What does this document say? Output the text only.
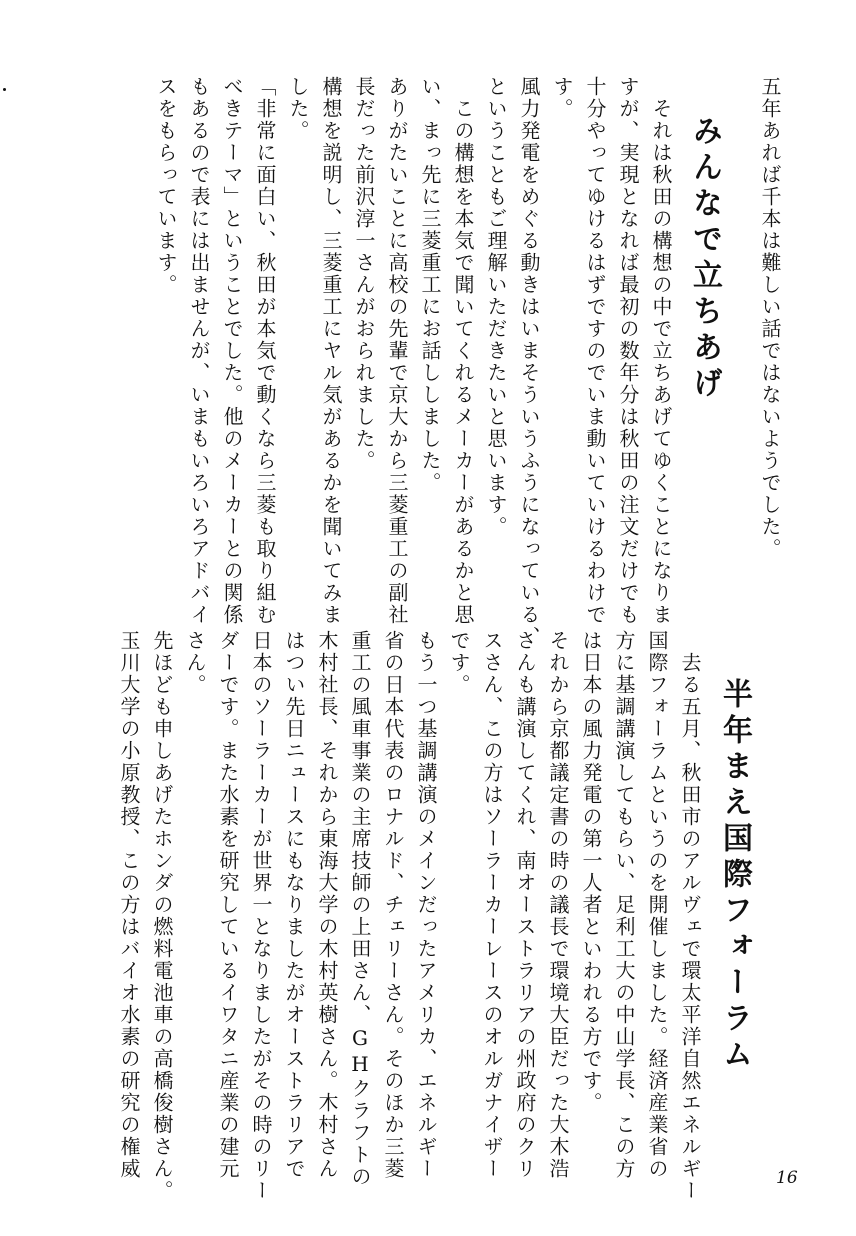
五年あれば千本は難しい話ではないようでした。

　それは秋田の構想の中で立ちあげてゆくことになりま
すが、実現となれば最初の数年分は秋田の注文だけでも
十分やってゆけるはずですのでいま動いていけるわけで
す。
風力発電をめぐる動きはいまそういうふうになっている、
ということもご理解いただきたいと思います。
　この構想を本気で聞いてくれるメーカーがあるかと思
い、まっ先に三菱重工にお話ししました。
ありがたいことに高校の先輩で京大から三菱重工の副社
長だった前沢淳一さんがおられました。
構想を説明し、三菱重工にヤル気があるかを聞いてみま
した。
「非常に面白い、秋田が本気で動くなら三菱も取り組む
べきテーマ」ということでした。他のメーカーとの関係
もあるので表には出ませんが、いまもいろいろアドバイ
スをもらっています。	みんなで立ちあげ
半年まえ国際フォーラム
　去る五月、秋田市のアルヴェで環太平洋自然エネルギー
国際フォーラムというのを開催しました。経済産業省の
方に基調講演してもらい、足利工大の中山学長、この方
は日本の風力発電の第一人者といわれる方です。
それから京都議定書の時の議長で環境大臣だった大木浩
さんも講演してくれ、南オーストラリアの州政府のクリ
スさん、この方はソーラーカーレースのオルガナイザー
です。
もう一つ基調講演のメインだったアメリカ、エネルギー
省の日本代表のロナルド、チェリーさん。そのほか三菱
重工の風車事業の主席技師の上田さん、GHクラフトの
木村社長、それから東海大学の木村英樹さん。木村さん
はつい先日ニュースにもなりましたがオーストラリアで
日本のソーラーカーが世界一となりましたがその時のリー
ダーです。また水素を研究しているイワタニ産業の建元
さん。
先ほども申しあげたホンダの燃料電池車の高橋俊樹さん。
玉川大学の小原教授、この方はバイオ水素の研究の権威	16
